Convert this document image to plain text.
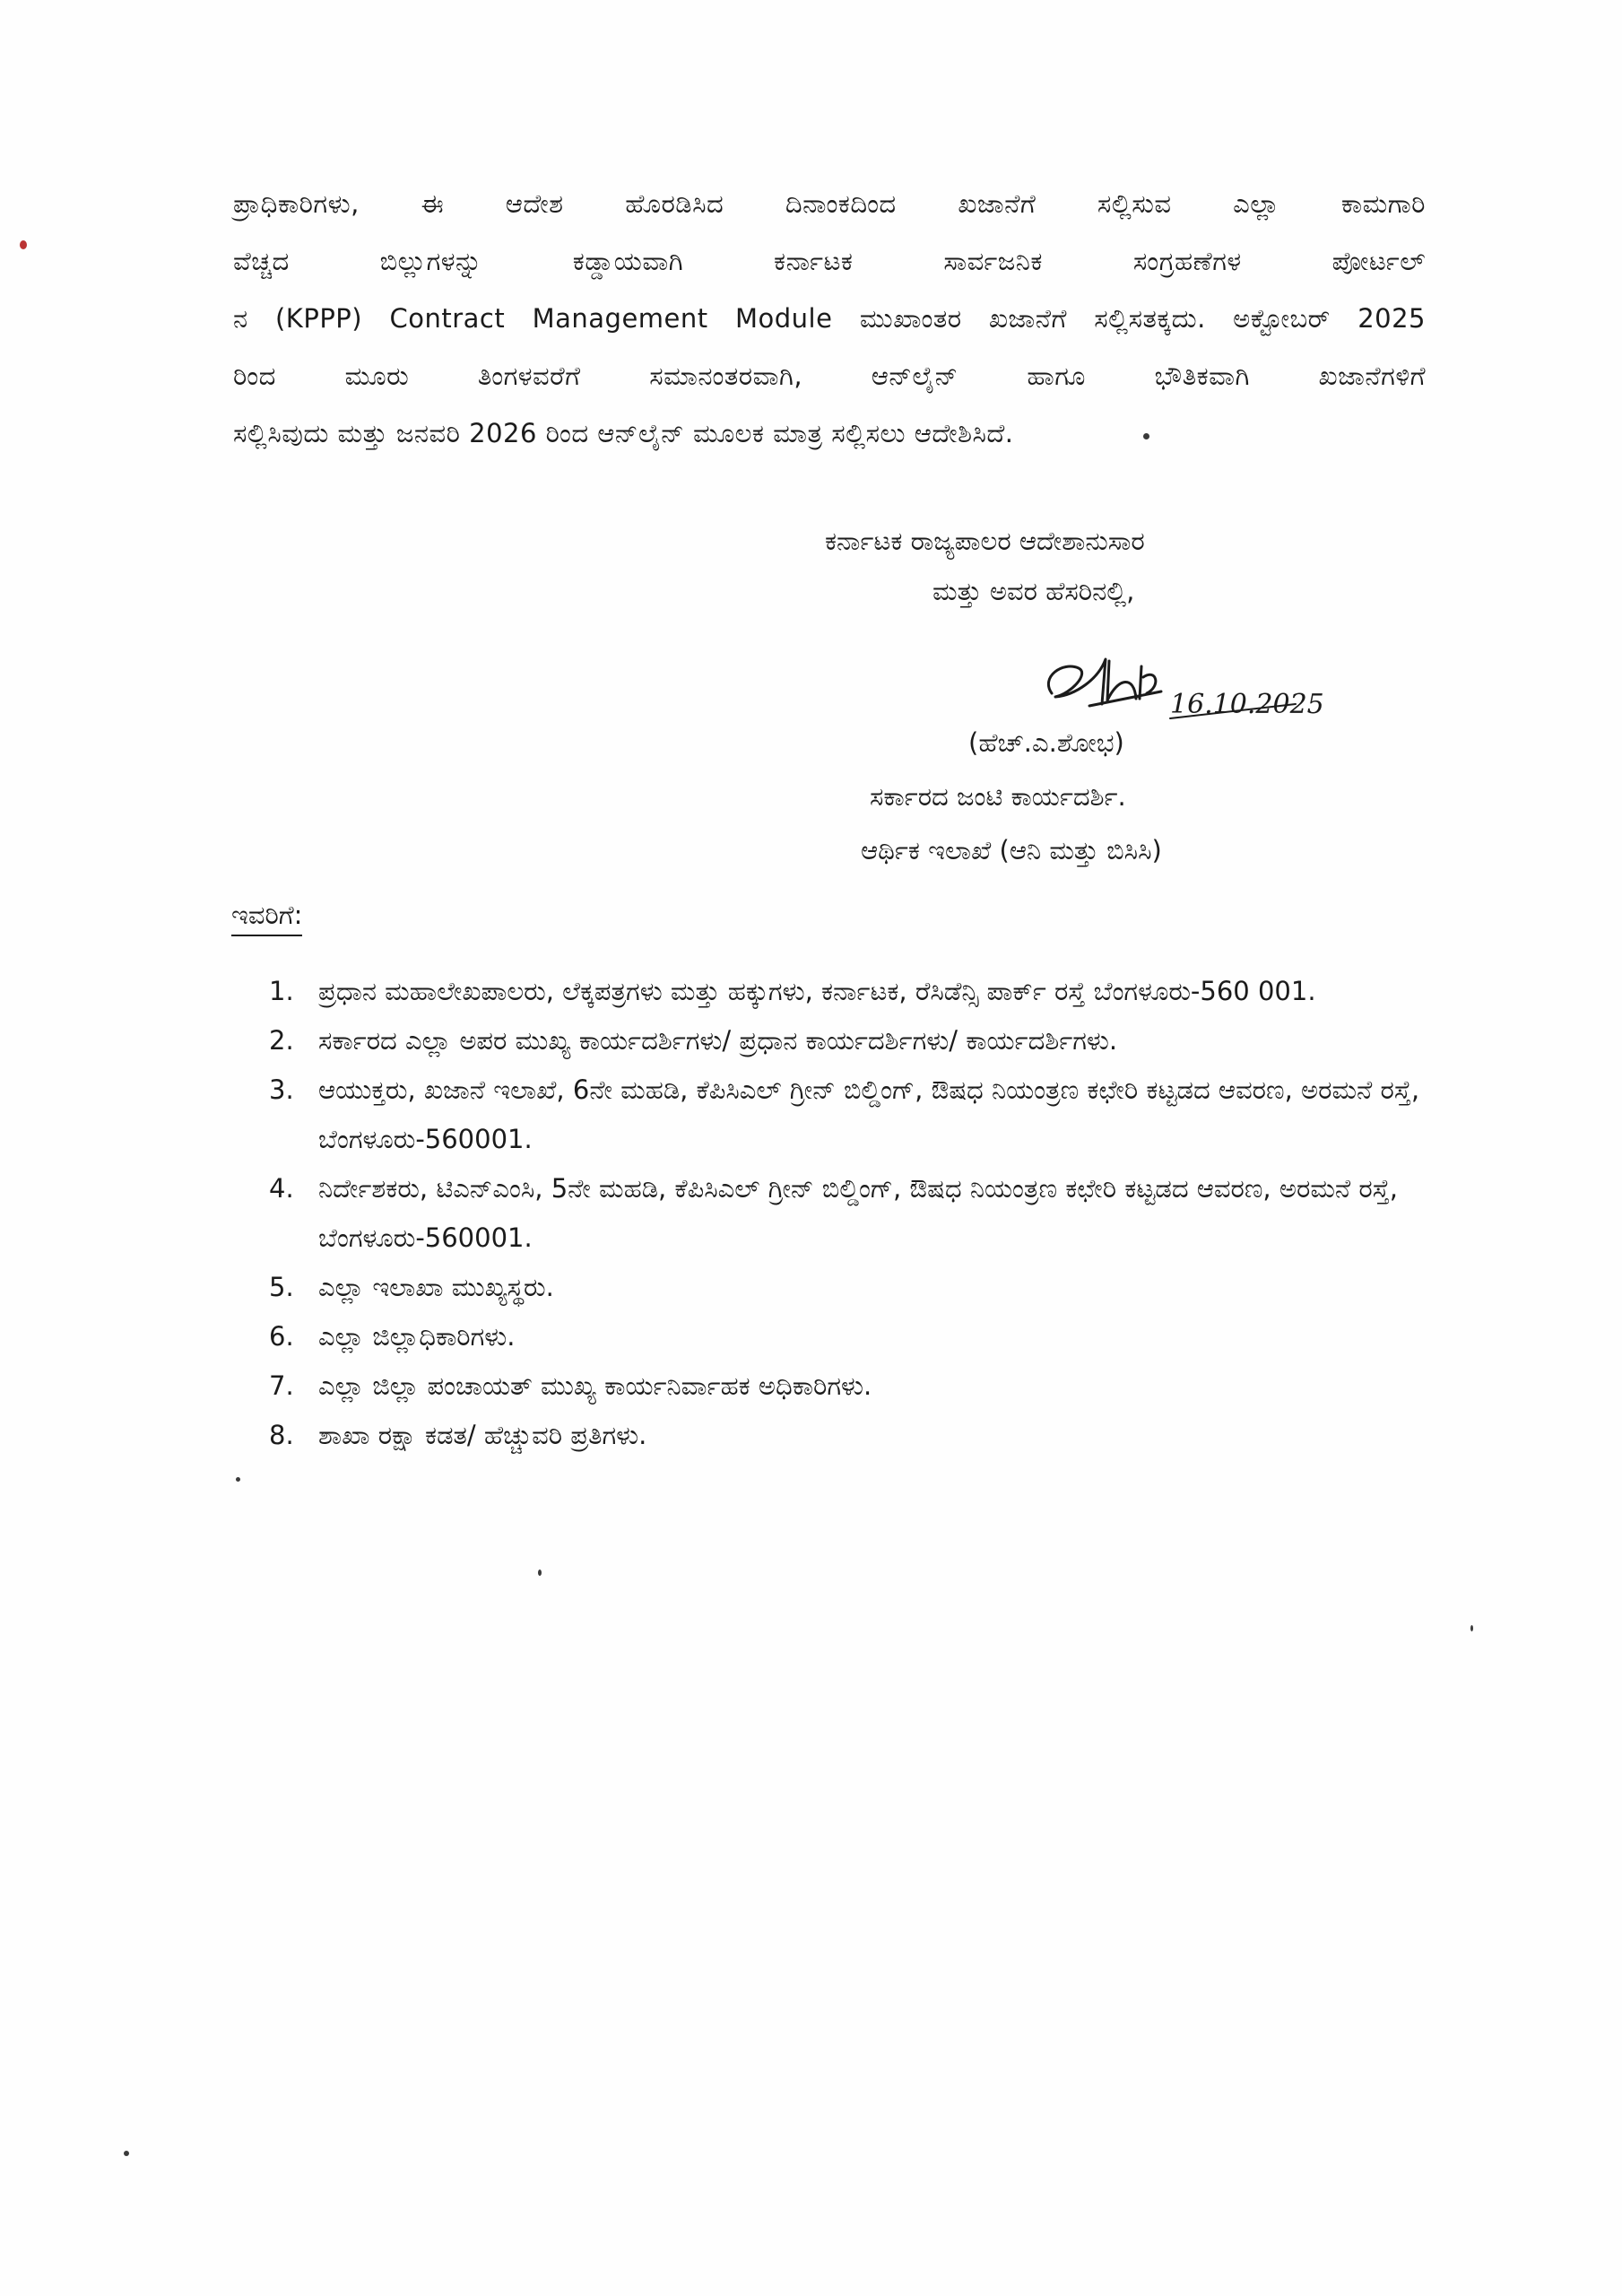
ಪ್ರಾಧಿಕಾರಿಗಳು, ಈ ಆದೇಶ ಹೊರಡಿಸಿದ ದಿನಾಂಕದಿಂದ ಖಜಾನೆಗೆ ಸಲ್ಲಿಸುವ ಎಲ್ಲಾ ಕಾಮಗಾರಿ
ವೆಚ್ಚದ ಬಿಲ್ಲುಗಳನ್ನು ಕಡ್ಡಾಯವಾಗಿ ಕರ್ನಾಟಕ ಸಾರ್ವಜನಿಕ ಸಂಗ್ರಹಣೆಗಳ ಪೋರ್ಟಲ್
ನ (KPPP) Contract Management Module ಮುಖಾಂತರ ಖಜಾನೆಗೆ ಸಲ್ಲಿಸತಕ್ಕದು. ಅಕ್ಟೋಬರ್ 2025
ರಿಂದ ಮೂರು ತಿಂಗಳವರೆಗೆ ಸಮಾನಂತರವಾಗಿ, ಆನ್‌ಲೈನ್ ಹಾಗೂ ಭೌತಿಕವಾಗಿ ಖಜಾನೆಗಳಿಗೆ
ಸಲ್ಲಿಸಿವುದು ಮತ್ತು ಜನವರಿ 2026 ರಿಂದ ಆನ್‌ಲೈನ್ ಮೂಲಕ ಮಾತ್ರ ಸಲ್ಲಿಸಲು ಆದೇಶಿಸಿದೆ.
ಕರ್ನಾಟಕ ರಾಜ್ಯಪಾಲರ ಆದೇಶಾನುಸಾರ
ಮತ್ತು ಅವರ ಹೆಸರಿನಲ್ಲಿ,
16.10.2025
(ಹೆಚ್.ಎ.ಶೋಭ)
ಸರ್ಕಾರದ ಜಂಟಿ ಕಾರ್ಯದರ್ಶಿ.
ಆರ್ಥಿಕ ಇಲಾಖೆ (ಆನಿ ಮತ್ತು ಬಿಸಿಸಿ)
ಇವರಿಗೆ:
1. ಪ್ರಧಾನ ಮಹಾಲೇಖಪಾಲರು, ಲೆಕ್ಕಪತ್ರಗಳು ಮತ್ತು ಹಕ್ಕುಗಳು, ಕರ್ನಾಟಕ, ರೆಸಿಡೆನ್ಸಿ ಪಾರ್ಕ್ ರಸ್ತೆ ಬೆಂಗಳೂರು-560 001.
2. ಸರ್ಕಾರದ ಎಲ್ಲಾ ಅಪರ ಮುಖ್ಯ ಕಾರ್ಯದರ್ಶಿಗಳು/ ಪ್ರಧಾನ ಕಾರ್ಯದರ್ಶಿಗಳು/ ಕಾರ್ಯದರ್ಶಿಗಳು.
3. ಆಯುಕ್ತರು, ಖಜಾನೆ ಇಲಾಖೆ, 6ನೇ ಮಹಡಿ, ಕೆಪಿಸಿಎಲ್ ಗ್ರೀನ್ ಬಿಲ್ಡಿಂಗ್, ಔಷಧ ನಿಯಂತ್ರಣ ಕಛೇರಿ ಕಟ್ಟಡದ ಆವರಣ, ಅರಮನೆ ರಸ್ತೆ, ಬೆಂಗಳೂರು-560001.
4. ನಿರ್ದೇಶಕರು, ಟಿಎನ್‌ಎಂಸಿ, 5ನೇ ಮಹಡಿ, ಕೆಪಿಸಿಎಲ್ ಗ್ರೀನ್ ಬಿಲ್ಡಿಂಗ್, ಔಷಧ ನಿಯಂತ್ರಣ ಕಛೇರಿ ಕಟ್ಟಡದ ಆವರಣ, ಅರಮನೆ ರಸ್ತೆ, ಬೆಂಗಳೂರು-560001.
5. ಎಲ್ಲಾ ಇಲಾಖಾ ಮುಖ್ಯಸ್ಥರು.
6. ಎಲ್ಲಾ ಜಿಲ್ಲಾಧಿಕಾರಿಗಳು.
7. ಎಲ್ಲಾ ಜಿಲ್ಲಾ ಪಂಚಾಯತ್ ಮುಖ್ಯ ಕಾರ್ಯನಿರ್ವಾಹಕ ಅಧಿಕಾರಿಗಳು.
8. ಶಾಖಾ ರಕ್ಷಾ ಕಡತ/ ಹೆಚ್ಚುವರಿ ಪ್ರತಿಗಳು.
